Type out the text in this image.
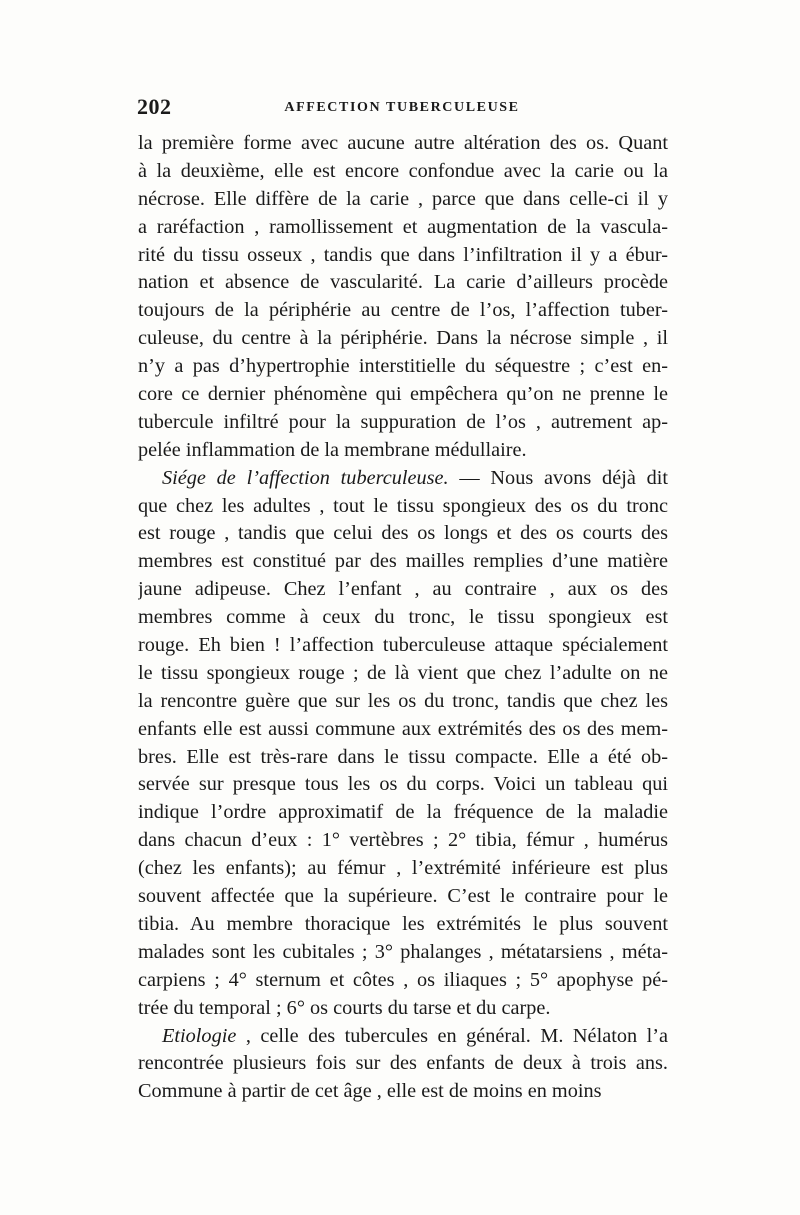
202	AFFECTION TUBERCULEUSE
la première forme avec aucune autre altération des os. Quant
à la deuxième, elle est encore confondue avec la carie ou la
nécrose. Elle diffère de la carie , parce que dans celle-ci il y
a raréfaction , ramollissement et augmentation de la vascula-
rité du tissu osseux , tandis que dans l’infiltration il y a ébur-
nation et absence de vascularité. La carie d’ailleurs procède
toujours de la périphérie au centre de l’os, l’affection tuber-
culeuse, du centre à la périphérie. Dans la nécrose simple , il
n’y a pas d’hypertrophie interstitielle du séquestre ; c’est en-
core ce dernier phénomène qui empêchera qu’on ne prenne le
tubercule infiltré pour la suppuration de l’os , autrement ap-
pelée inflammation de la membrane médullaire.
Siége de l’affection tuberculeuse. — Nous avons déjà dit
que chez les adultes , tout le tissu spongieux des os du tronc
est rouge , tandis que celui des os longs et des os courts des
membres est constitué par des mailles remplies d’une matière
jaune adipeuse. Chez l’enfant , au contraire , aux os des
membres comme à ceux du tronc, le tissu spongieux est
rouge. Eh bien ! l’affection tuberculeuse attaque spécialement
le tissu spongieux rouge ; de là vient que chez l’adulte on ne
la rencontre guère que sur les os du tronc, tandis que chez les
enfants elle est aussi commune aux extrémités des os des mem-
bres. Elle est très-rare dans le tissu compacte. Elle a été ob-
servée sur presque tous les os du corps. Voici un tableau qui
indique l’ordre approximatif de la fréquence de la maladie
dans chacun d’eux : 1° vertèbres ; 2° tibia, fémur , humérus
(chez les enfants); au fémur , l’extrémité inférieure est plus
souvent affectée que la supérieure. C’est le contraire pour le
tibia. Au membre thoracique les extrémités le plus souvent
malades sont les cubitales ; 3° phalanges , métatarsiens , méta-
carpiens ; 4° sternum et côtes , os iliaques ; 5° apophyse pé-
trée du temporal ; 6° os courts du tarse et du carpe.
Etiologie , celle des tubercules en général. M. Nélaton l’a
rencontrée plusieurs fois sur des enfants de deux à trois ans.
Commune à partir de cet âge , elle est de moins en moins
